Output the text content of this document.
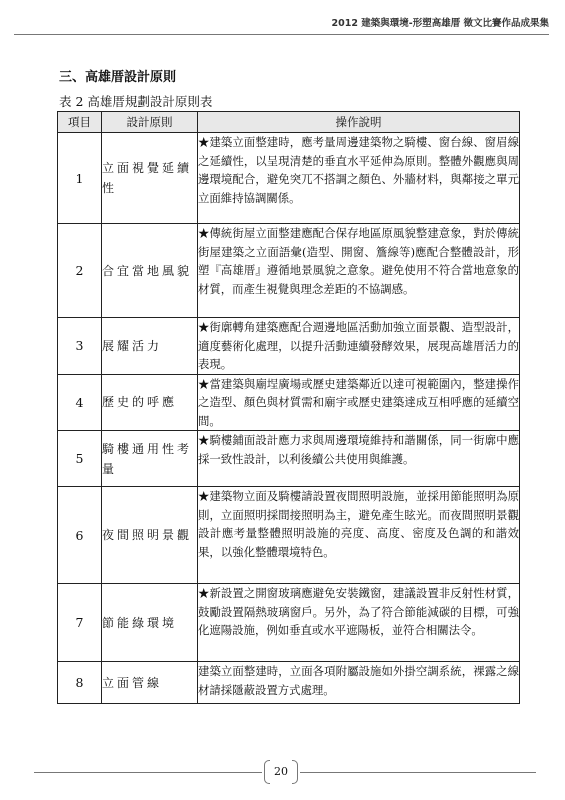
2012 建築與環境-形塑高雄厝 徵文比賽作品成果集
三、高雄厝設計原則
表 2 高雄厝規劃設計原則表
項目	設計原則	操作說明
1	立面視覺延續性	★建築立面整建時，應考量周邊建築物之騎樓、窗台線、窗眉線之延續性，以呈現清楚的垂直水平延伸為原則。整體外觀應與周邊環境配合，避免突兀不搭調之顏色、外牆材料，與鄰接之單元立面維持協調關係。
2	合宜當地風貌	★傳統街屋立面整建應配合保存地區原風貌整建意象，對於傳統街屋建築之立面語彙(造型、開窗、簷線等)應配合整體設計，形塑『高雄厝』遵循地景風貌之意象。避免使用不符合當地意象的材質，而產生視覺與理念差距的不協調感。
3	展耀活力	★街廓轉角建築應配合週邊地區活動加強立面景觀、造型設計，適度藝術化處理，以提升活動連續發酵效果，展現高雄厝活力的表現。
4	歷史的呼應	★當建築與廟埕廣場或歷史建築鄰近以達可視範圍內，整建操作之造型、顏色與材質需和廟宇或歷史建築達成互相呼應的延續空間。
5	騎樓通用性考量	★騎樓鋪面設計應力求與周邊環境維持和諧關係，同一街廓中應採一致性設計，以利後續公共使用與維護。
6	夜間照明景觀	★建築物立面及騎樓請設置夜間照明設施，並採用節能照明為原則，立面照明採間接照明為主，避免產生眩光。而夜間照明景觀設計應考量整體照明設施的亮度、高度、密度及色調的和諧效果，以強化整體環境特色。
7	節能綠環境	★新設置之開窗玻璃應避免安裝鐵窗，建議設置非反射性材質，鼓勵設置隔熱玻璃窗戶。另外，為了符合節能減碳的目標，可強化遮陽設施，例如垂直或水平遮陽板，並符合相關法令。
8	立面管線	建築立面整建時，立面各項附屬設施如外掛空調系統，裸露之線材請採隱蔽設置方式處理。
20
